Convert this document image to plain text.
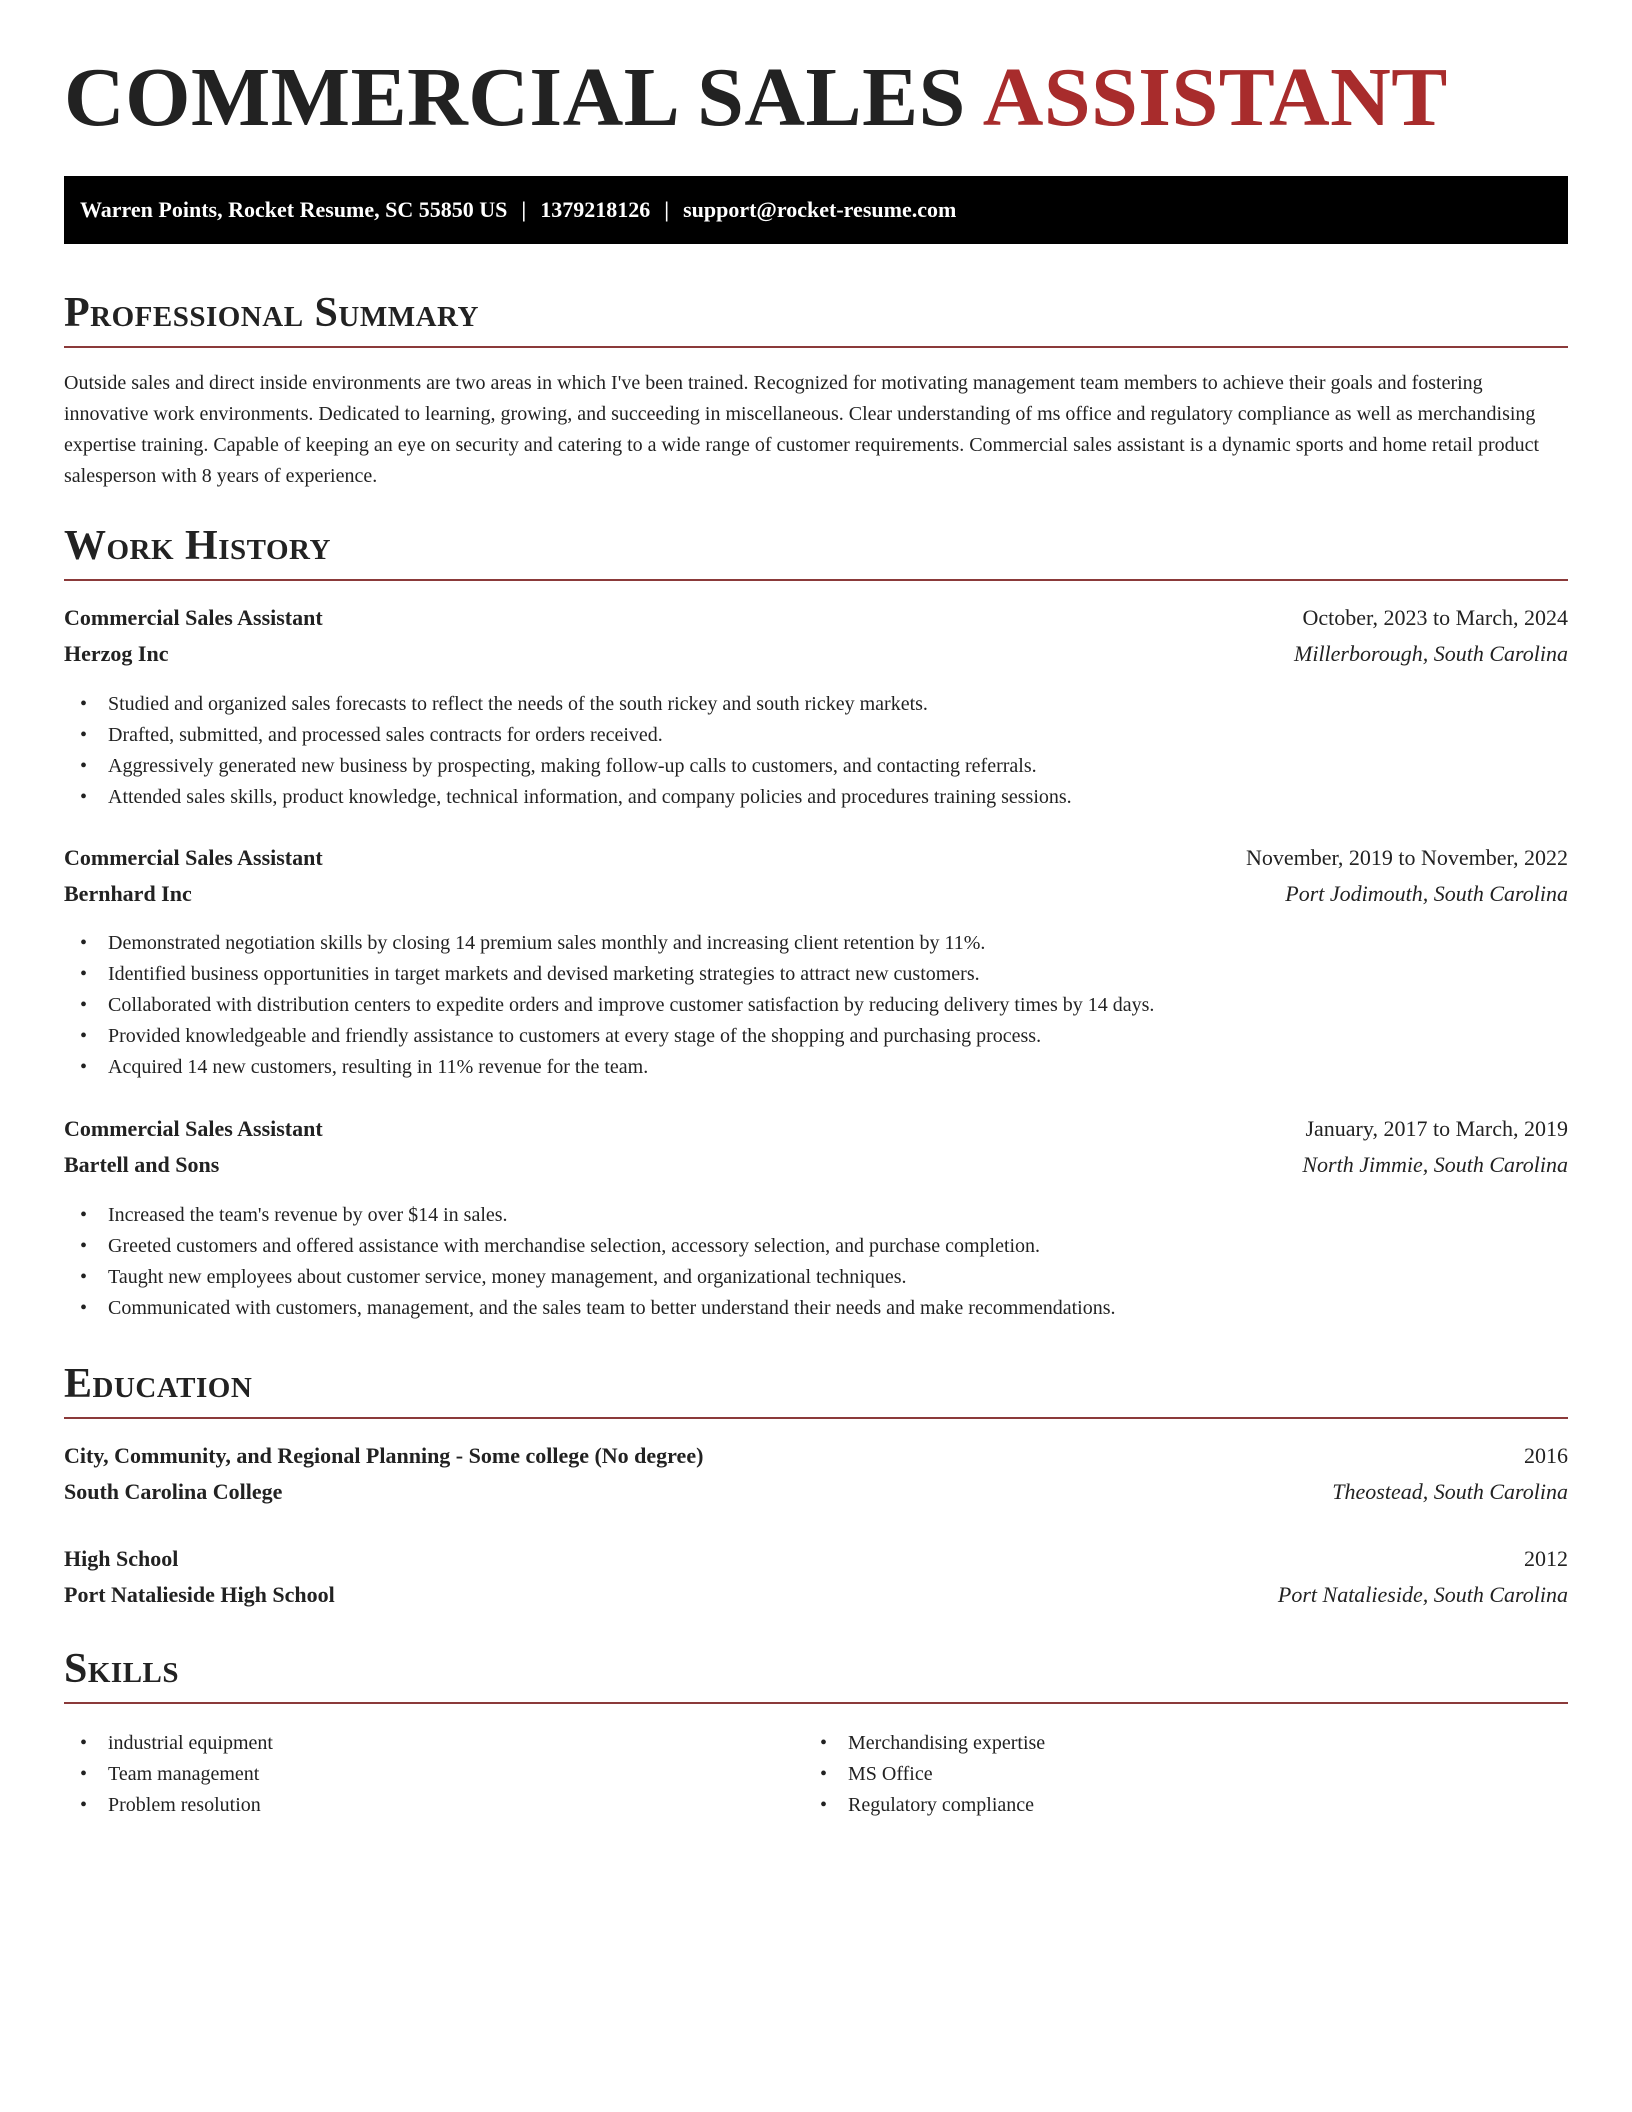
COMMERCIAL SALES ASSISTANT
Warren Points, Rocket Resume, SC 55850 US | 1379218126 | support@rocket-resume.com
Professional Summary

Outside sales and direct inside environments are two areas in which I've been trained. Recognized for motivating management team members to achieve their goals and fostering innovative work environments. Dedicated to learning, growing, and succeeding in miscellaneous. Clear understanding of ms office and regulatory compliance as well as merchandising expertise training. Capable of keeping an eye on security and catering to a wide range of customer requirements. Commercial sales assistant is a dynamic sports and home retail product salesperson with 8 years of experience.

Work History
Commercial Sales Assistant	October, 2023 to March, 2024
Herzog Inc	Millerborough, South Carolina
• Studied and organized sales forecasts to reflect the needs of the south rickey and south rickey markets.
• Drafted, submitted, and processed sales contracts for orders received.
• Aggressively generated new business by prospecting, making follow-up calls to customers, and contacting referrals.
• Attended sales skills, product knowledge, technical information, and company policies and procedures training sessions.
Commercial Sales Assistant	November, 2019 to November, 2022
Bernhard Inc	Port Jodimouth, South Carolina
• Demonstrated negotiation skills by closing 14 premium sales monthly and increasing client retention by 11%.
• Identified business opportunities in target markets and devised marketing strategies to attract new customers.
• Collaborated with distribution centers to expedite orders and improve customer satisfaction by reducing delivery times by 14 days.
• Provided knowledgeable and friendly assistance to customers at every stage of the shopping and purchasing process.
• Acquired 14 new customers, resulting in 11% revenue for the team.
Commercial Sales Assistant	January, 2017 to March, 2019
Bartell and Sons	North Jimmie, South Carolina
• Increased the team's revenue by over $14 in sales.
• Greeted customers and offered assistance with merchandise selection, accessory selection, and purchase completion.
• Taught new employees about customer service, money management, and organizational techniques.
• Communicated with customers, management, and the sales team to better understand their needs and make recommendations.
Education
City, Community, and Regional Planning - Some college (No degree)	2016
South Carolina College	Theostead, South Carolina
High School	2012
Port Natalieside High School	Port Natalieside, South Carolina
Skills
• industrial equipment
• Team management
• Problem resolution
• Merchandising expertise
• MS Office
• Regulatory compliance
